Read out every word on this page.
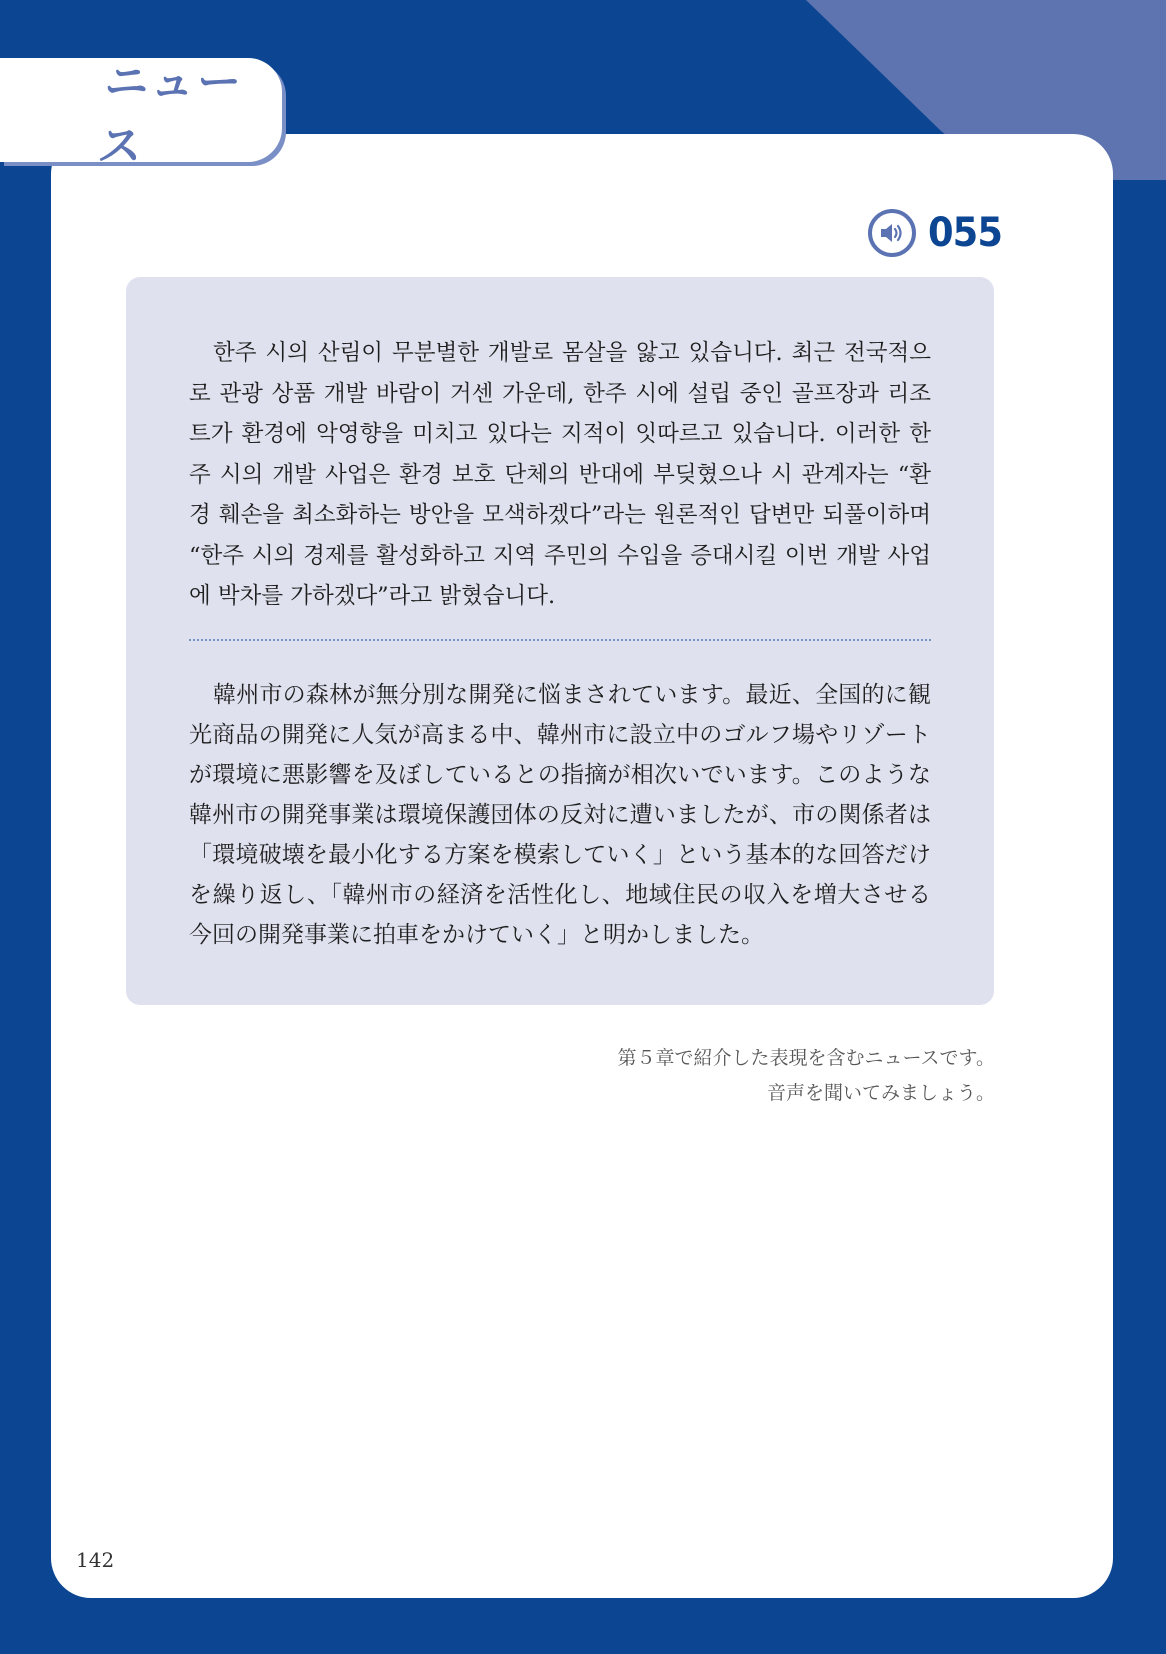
ニュース
055

한주 시의 산림이 무분별한 개발로 몸살을 앓고 있습니다. 최근 전국적으로 관광 상품 개발 바람이 거센 가운데, 한주 시에 설립 중인 골프장과 리조트가 환경에 악영향을 미치고 있다는 지적이 잇따르고 있습니다. 이러한 한주 시의 개발 사업은 환경 보호 단체의 반대에 부딪혔으나 시 관계자는 “환경 훼손을 최소화하는 방안을 모색하겠다”라는 원론적인 답변만 되풀이하며 “한주 시의 경제를 활성화하고 지역 주민의 수입을 증대시킬 이번 개발 사업에 박차를 가하겠다”라고 밝혔습니다.

韓州市の森林が無分別な開発に悩まされています。最近、全国的に観光商品の開発に人気が高まる中、韓州市に設立中のゴルフ場やリゾートが環境に悪影響を及ぼしているとの指摘が相次いでいます。このような韓州市の開発事業は環境保護団体の反対に遭いましたが、市の関係者は「環境破壊を最小化する方案を模索していく」という基本的な回答だけを繰り返し、「韓州市の経済を活性化し、地域住民の収入を増大させる今回の開発事業に拍車をかけていく」と明かしました。

第５章で紹介した表現を含むニュースです。
音声を聞いてみましょう。

142
